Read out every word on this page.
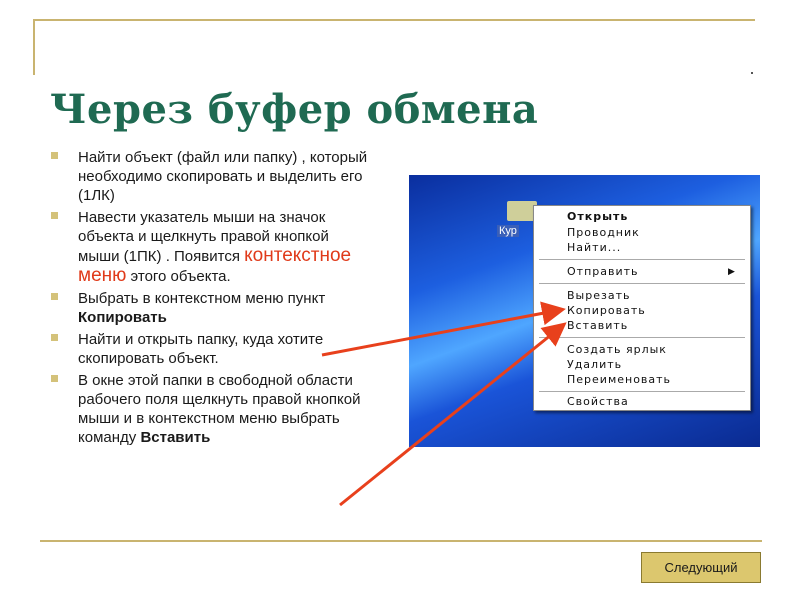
Через буфер обмена
Найти объект (файл или папку) , который необходимо скопировать и выделить его (1ЛК)
Навести указатель мыши на значок объекта и щелкнуть правой кнопкой мыши (1ПК) . Появится контекстное меню этого объекта.
Выбрать в контекстном меню пункт Копировать
Найти и открыть папку, куда хотите скопировать объект.
В окне этой папки в свободной области рабочего поля щелкнуть правой кнопкой мыши и в контекстном меню выбрать команду Вставить
Кур
Открыть
Проводник
Найти...
Отправить	▶
Вырезать
Копировать
Вставить
Создать ярлык
Удалить
Переименовать
Свойства
Следующий
